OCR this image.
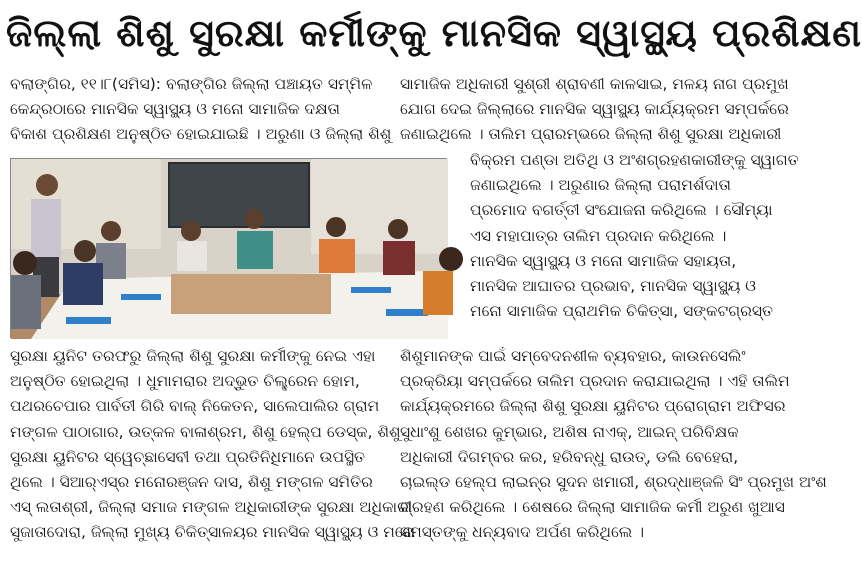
ଜିଲ୍ଲା ଶିଶୁ ସୁରକ୍ଷା କର୍ମୀଙ୍କୁ ମାନସିକ ସ୍ୱାସ୍ଥ୍ୟ ପ୍ରଶିକ୍ଷଣ
ବଲାଙ୍ଗିର, ୧୧।୮(ସମିସ): ବଲାଙ୍ଗିର ଜିଲ୍ଲା ପଞ୍ଚାୟତ ସମ୍ମିଳ
କେନ୍ଦ୍ରଠାରେ ମାନସିକ ସ୍ୱାସ୍ଥ୍ୟ ଓ ମନୋ ସାମାଜିକ ଦକ୍ଷତା
ବିକାଶ ପ୍ରଶିକ୍ଷଣ ଅନୁଷ୍ଠିତ ହୋଇଯାଇଛି । ଅରୁଣା ଓ ଜିଲ୍ଲା ଶିଶୁ
ସୁରକ୍ଷା ୟୁନିଟ ତରଫରୁ ଜିଲ୍ଲା ଶିଶୁ ସୁରକ୍ଷା କର୍ମୀଙ୍କୁ ନେଇ ଏହା
ଅନୁଷ୍ଠିତ ହୋଇଥିଲା । ଧୁମାମରାର ଅଦ୍ଭୁତ ଚିଲ୍ଡ୍ରେନ ହୋମ,
ପଥରଚେପାର ପାର୍ବତୀ ଗିରି ବାଲ୍ ନିକେତନ, ସାଲେପାଲିର ଗ୍ରାମ
ମଙ୍ଗଳ ପାଠାଗାର, ଉତ୍କଳ ବାଳାଶ୍ରମ, ଶିଶୁ ହେଲ୍ପ ଡେସ୍କ, ଶିଶୁ
ସୁରକ୍ଷା ୟୁନିଟର ସ୍ୱେଚ୍ଛାସେବୀ ତଥା ପ୍ରତିନିଧିମାନେ ଉପସ୍ଥିତ
ଥିଲେ । ସିଆର୍‌ଏସ୍‌ର ମନୋରଞ୍ଜନ ଦାସ, ଶିଶୁ ମଙ୍ଗଳ ସମିତିର
ଏସ୍ ଲତାଶ୍ରୀ, ଜିଲ୍ଲା ସମାଜ ମଙ୍ଗଳ ଅଧିକାରୀଙ୍କ ସୁରକ୍ଷା ଅଧିକାରୀ
ସୁଜାତାଦୋରା, ଜିଲ୍ଲା ମୁଖ୍ୟ ଚିକିତ୍ସାଳୟର ମାନସିକ ସ୍ୱାସ୍ଥ୍ୟ ଓ ମନୋ
ସାମାଜିକ ଅଧିକାରୀ ସୁଶ୍ରୀ ଶ୍ରାବଣୀ କାଳସାଇ, ମଳୟ ନାଗ ପ୍ରମୁଖ
ଯୋଗ ଦେଇ ଜିଲ୍ଲାରେ ମାନସିକ ସ୍ୱାସ୍ଥ୍ୟ କାର୍ଯ୍ୟକ୍ରମ ସମ୍ପର୍କରେ
ଜଣାଇଥିଲେ । ତାଲିମ ପ୍ରାରମ୍ଭରେ ଜିଲ୍ଲା ଶିଶୁ ସୁରକ୍ଷା ଅଧିକାରୀ
ବିକ୍ରମ ପଣ୍ଡା ଅତିଥି ଓ ଅଂଶଗ୍ରହଣକାରୀଙ୍କୁ ସ୍ୱାଗତ
ଜଣାଇଥିଲେ । ଅରୁଣାର ଜିଲ୍ଲା ପରାମର୍ଶଦାତା
ପ୍ରମୋଦ ବଗର୍ତ୍ତୀ ସଂଯୋଜନା କରିଥିଲେ । ସୌମ୍ୟା
ଏସ ମହାପାତ୍ର ତାଲିମ ପ୍ରଦାନ କରିଥିଲେ ।
ମାନସିକ ସ୍ୱାସ୍ଥ୍ୟ ଓ ମନୋ ସାମାଜିକ ସହାୟତା,
ମାନସିକ ଆଘାତର ପ୍ରଭାବ, ମାନସିକ ସ୍ୱାସ୍ଥ୍ୟ ଓ
ମନୋ ସାମାଜିକ ପ୍ରାଥମିକ ଚିକିତ୍ସା, ସଙ୍କଟଗ୍ରସ୍ତ
ଶିଶୁମାନଙ୍କ ପାଇଁ ସମ୍ବେଦନଶୀଳ ବ୍ୟବହାର, କାଉନସେଲିଂ
ପ୍ରକ୍ରିୟା ସମ୍ପର୍କରେ ତାଲିମ ପ୍ରଦାନ କରାଯାଇଥିଲା । ଏହି ତାଲିମ
କାର୍ଯ୍ୟକ୍ରମରେ ଜିଲ୍ଲା ଶିଶୁ ସୁରକ୍ଷା ୟୁନିଟର ପ୍ରୋଗ୍ରାମ ଅଫିସର
ସୁଧାଂଶୁ ଶେଖର କୁମ୍ଭାର, ଅଶିଷ ନାଏକ୍, ଆଇନ୍ ପରିବିକ୍ଷକ
ଅଧିକାରୀ ଦିଗମ୍ବର କର, ହରିବନ୍ଧୁ ରାଉତ୍, ଡଲି ବେହେରା,
ଚାଇଲ୍ଡ ହେଲ୍ପ ଲାଇନ୍‌ର ସୁଦନ ଖମାରୀ, ଶ୍ରଦ୍ଧାଞ୍ଜଳି ସିଂ ପ୍ରମୁଖ ଅଂଶ
ଗ୍ରହଣ କରିଥିଲେ । ଶେଷରେ ଜିଲ୍ଲା ସାମାଜିକ କର୍ମୀ ଅରୁଣ ଖୁଆସ
ସମସ୍ତଙ୍କୁ ଧନ୍ୟବାଦ ଅର୍ପଣ କରିଥିଲେ ।
